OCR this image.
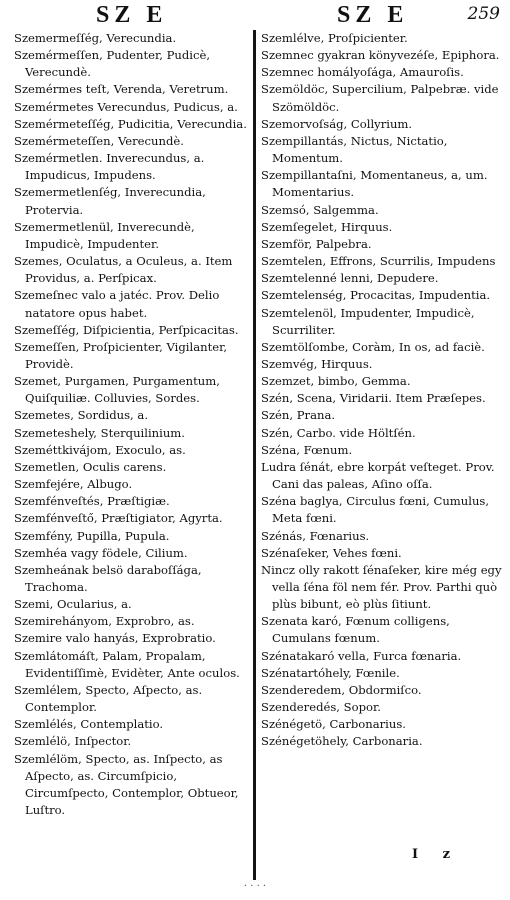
SZ E	SZ E	259

Szemermeſſég, Verecundia.

Szemérmeſſen, Pudenter, Pudicè, Verecundè.

Szemérmes teſt, Verenda, Veretrum.

Szemérmetes Verecundus, Pudicus, a.

Szemérmeteſſég, Pudicitia, Verecundia.

Szemérmeteſſen, Verecundè.

Szemérmetlen. Inverecundus, a. Impudicus, Impudens.

Szemermetlenſég, Inverecundia, Protervia.

Szemermetlenül, Inverecundè, Impudicè, Impudenter.

Szemes, Oculatus, a Oculeus, a. Item Providus, a. Perſpicax.

Szemeſnec valo a jatéc. Prov. Delio natatore opus habet.

Szemeſſég, Diſpicientia, Perſpicacitas.

Szemeſſen, Proſpicienter, Vigilanter, Providè.

Szemet, Purgamen, Purgamentum, Quiſquiliæ. Colluvies, Sordes.

Szemetes, Sordidus, a.

Szemeteshely, Sterquilinium.

Szeméttkivájom, Exoculo, as.

Szemetlen, Oculis carens.

Szemfejére, Albugo.

Szemfénveſtés, Præſtigiæ.

Szemfénveſtő, Præſtigiator, Agyrta.

Szemfény, Pupilla, Pupula.

Szemhéa vagy födele, Cilium.

Szemheának belsö daraboſſága, Trachoma.

Szemi, Ocularius, a.

Szemirehányom, Exprobro, as.

Szemire valo hanyás, Exprobratio.

Szemlátomáſt, Palam, Propalam, Evidentiſſimè, Evidèter, Ante oculos.

Szemlélem, Specto, Aſpecto, as. Contemplor.

Szemlélés, Contemplatio.

Szemlélö, Inſpector.

Szemlélöm, Specto, as. Inſpecto, as Aſpecto, as. Circumſpicio, Circumſpecto, Contemplor, Obtueor, Luſtro.

Szemlélve, Proſpicienter.

Szemnec gyakran könyvezéſe, Epiphora.

Szemnec homályoſága, Amauroſis.

Szemöldöc, Supercilium, Palpebræ. vide Szömöldöc.

Szemorvoſság, Collyrium.

Szempillantás, Nictus, Nictatio, Momentum.

Szempillantaſni, Momentaneus, a, um. Momentarius.

Szemsó, Salgemma.

Szemſegelet, Hirquus.

Szemför, Palpebra.

Szemtelen, Effrons, Scurrilis, Impudens

Szemtelenné lenni, Depudere.

Szemtelenség, Procacitas, Impudentia.

Szemtelenöl, Impudenter, Impudicè, Scurriliter.

Szemtölſombe, Coràm, In os, ad faciè.

Szemvég, Hirquus.

Szemzet, bimbo, Gemma.

Szén, Scena, Viridarii. Item Præſepes.

Szén, Prana.

Szén, Carbo. vide Höltſén.

Széna, Fœnum.

Ludra ſénát, ebre korpát veſteget. Prov. Cani das paleas, Aſino oſſa.

Széna baglya, Circulus fœni, Cumulus, Meta fœni.

Szénás, Fœnarius.

Szénaſeker, Vehes fœni.

Nincz olly rakott ſénaſeker, kire még egy vella ſéna föl nem fér. Prov. Parthi quò plùs bibunt, eò plùs ſitiunt.

Szenata karó, Fœnum colligens, Cumulans fœnum.

Szénatakaró vella, Furca fœnaria.

Szénatartóhely, Fœnile.

Szenderedem, Obdormiſco.

Szenderedés, Sopor.

Szénégetö, Carbonarius.

Szénégetöhely, Carbonaria.

I z
· · · ·
